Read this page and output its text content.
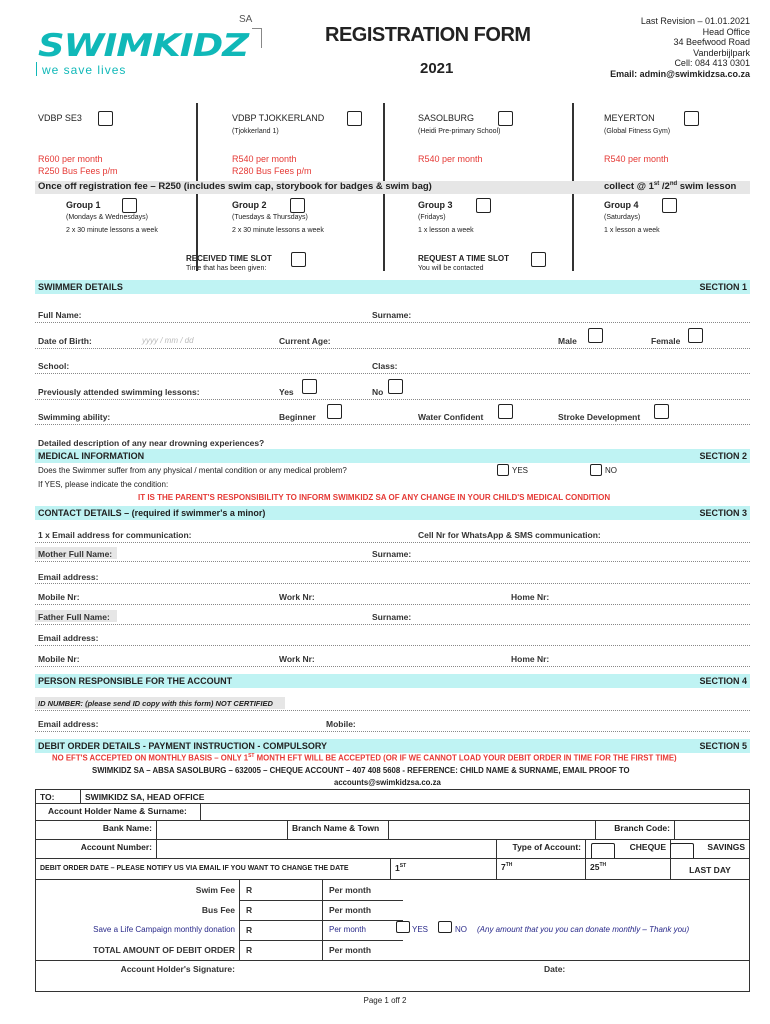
SWIMKIDZ
SA
we save lives
REGISTRATION FORM
2021
Last Revision – 01.01.2021
Head Office
34 Beefwood Road
Vanderbijlpark
Cell: 084 413 0301
Email: admin@swimkidzsa.co.za
VDBP SE3
R600 per month
R250 Bus Fees p/m
VDBP TJOKKERLAND
(Tjokkerland 1)
R540 per month
R280 Bus Fees p/m
SASOLBURG
(Heidi Pre-primary School)
R540 per month
MEYERTON
(Global Fitness Gym)
R540 per month
Once off registration fee – R250 (includes swim cap, storybook for badges & swim bag)	collect @ 1st /2nd swim lesson
Group 1
(Mondays & Wednesdays)
2 x 30 minute lessons a week
Group 2
(Tuesdays & Thursdays)
2 x 30 minute lessons a week
Group 3
(Fridays)
1 x lesson a week
Group 4
(Saturdays)
1 x lesson a week
RECEIVED TIME SLOT
Time that has been given:
REQUEST A TIME SLOT
You will be contacted
SWIMMER DETAILS	SECTION 1
Full Name:	Surname:
Date of Birth:	yyyy / mm / dd	Current Age:	Male	Female
School:	Class:
Previously attended swimming lessons:	Yes	No
Swimming ability:	Beginner	Water Confident	Stroke Development
Detailed description of any near drowning experiences?
MEDICAL INFORMATION	SECTION 2
Does the Swimmer suffer from any physical / mental condition or any medical problem?	YES	NO
If YES, please indicate the condition:
IT IS THE PARENT'S RESPONSIBILITY TO INFORM SWIMKIDZ SA OF ANY CHANGE IN YOUR CHILD'S MEDICAL CONDITION
CONTACT DETAILS – (required if swimmer's a minor)	SECTION 3
1 x Email address for communication:	Cell Nr for WhatsApp & SMS communication:
Mother Full Name:	Surname:
Email address:
Mobile Nr:	Work Nr:	Home Nr:
Father Full Name:	Surname:
Email address:
Mobile Nr:	Work Nr:	Home Nr:
PERSON RESPONSIBLE FOR THE ACCOUNT	SECTION 4
ID NUMBER: (please send ID copy with this form) NOT CERTIFIED
Email address:	Mobile:
DEBIT ORDER DETAILS - PAYMENT INSTRUCTION - COMPULSORY	SECTION 5
NO EFT'S ACCEPTED ON MONTHLY BASIS – ONLY 1ST MONTH EFT WILL BE ACCEPTED (OR IF WE CANNOT LOAD YOUR DEBIT ORDER IN TIME FOR THE FIRST TIME)
SWIMKIDZ SA – ABSA SASOLBURG – 632005 – CHEQUE ACCOUNT – 407 408 5608 - REFERENCE: CHILD NAME & SURNAME, EMAIL PROOF TO
accounts@swimkidzsa.co.za
TO:	SWIMKIDZ SA, HEAD OFFICE
Account Holder Name & Surname:
Bank Name:	Branch Name & Town	Branch Code:
Account Number:	Type of Account:	CHEQUE	SAVINGS
DEBIT ORDER DATE – PLEASE NOTIFY US VIA EMAIL IF YOU WANT TO CHANGE THE DATE	1ST	7TH	25TH	LAST DAY
Swim Fee R	Per month
Bus Fee R	Per month
Save a Life Campaign monthly donation R	Per month	YES	NO (Any amount that you you can donate monthly – Thank you)
TOTAL AMOUNT OF DEBIT ORDER R	Per month
Account Holder's Signature:	Date:
Page 1 off 2
